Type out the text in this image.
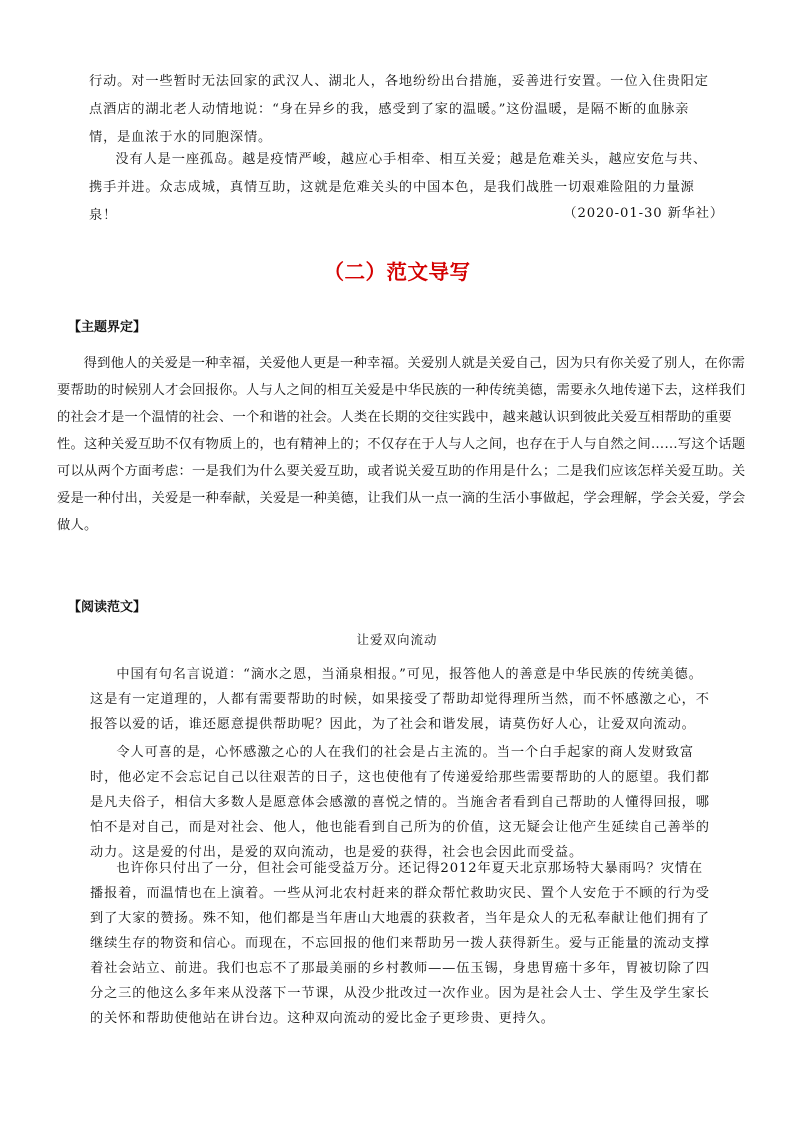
行动。对一些暂时无法回家的武汉人、湖北人，各地纷纷出台措施，妥善进行安置。一位入住贵阳定点酒店的湖北老人动情地说：“身在异乡的我，感受到了家的温暖。”这份温暖，是隔不断的血脉亲情，是血浓于水的同胞深情。

没有人是一座孤岛。越是疫情严峻，越应心手相牵、相互关爱；越是危难关头，越应安危与共、携手并进。众志成城，真情互助，这就是危难关头的中国本色，是我们战胜一切艰难险阻的力量源泉！	（2020-01-30 新华社）
（二）范文导写
【主题界定】

得到他人的关爱是一种幸福，关爱他人更是一种幸福。关爱别人就是关爱自己，因为只有你关爱了别人，在你需要帮助的时候别人才会回报你。人与人之间的相互关爱是中华民族的一种传统美德，需要永久地传递下去，这样我们的社会才是一个温情的社会、一个和谐的社会。人类在长期的交往实践中，越来越认识到彼此关爱互相帮助的重要性。这种关爱互助不仅有物质上的，也有精神上的；不仅存在于人与人之间，也存在于人与自然之间……写这个话题可以从两个方面考虑：一是我们为什么要关爱互助，或者说关爱互助的作用是什么；二是我们应该怎样关爱互助。关爱是一种付出，关爱是一种奉献，关爱是一种美德，让我们从一点一滴的生活小事做起，学会理解，学会关爱，学会做人。

【阅读范文】
让爱双向流动

中国有句名言说道：“滴水之恩，当涌泉相报。”可见，报答他人的善意是中华民族的传统美德。这是有一定道理的，人都有需要帮助的时候，如果接受了帮助却觉得理所当然，而不怀感激之心，不报答以爱的话，谁还愿意提供帮助呢？因此，为了社会和谐发展，请莫伤好人心，让爱双向流动。

令人可喜的是，心怀感激之心的人在我们的社会是占主流的。当一个白手起家的商人发财致富时，他必定不会忘记自己以往艰苦的日子，这也使他有了传递爱给那些需要帮助的人的愿望。我们都是凡夫俗子，相信大多数人是愿意体会感激的喜悦之情的。当施舍者看到自己帮助的人懂得回报，哪怕不是对自己，而是对社会、他人，他也能看到自己所为的价值，这无疑会让他产生延续自己善举的动力。这是爱的付出，是爱的双向流动，也是爱的获得，社会也会因此而受益。

也许你只付出了一分，但社会可能受益万分。还记得2012年夏天北京那场特大暴雨吗？灾情在播报着，而温情也在上演着。一些从河北农村赶来的群众帮忙救助灾民、置个人安危于不顾的行为受到了大家的赞扬。殊不知，他们都是当年唐山大地震的获救者，当年是众人的无私奉献让他们拥有了继续生存的物资和信心。而现在，不忘回报的他们来帮助另一拨人获得新生。爱与正能量的流动支撑着社会站立、前进。我们也忘不了那最美丽的乡村教师——伍玉锡，身患胃癌十多年，胃被切除了四分之三的他这么多年来从没落下一节课，从没少批改过一次作业。因为是社会人士、学生及学生家长的关怀和帮助使他站在讲台边。这种双向流动的爱比金子更珍贵、更持久。
